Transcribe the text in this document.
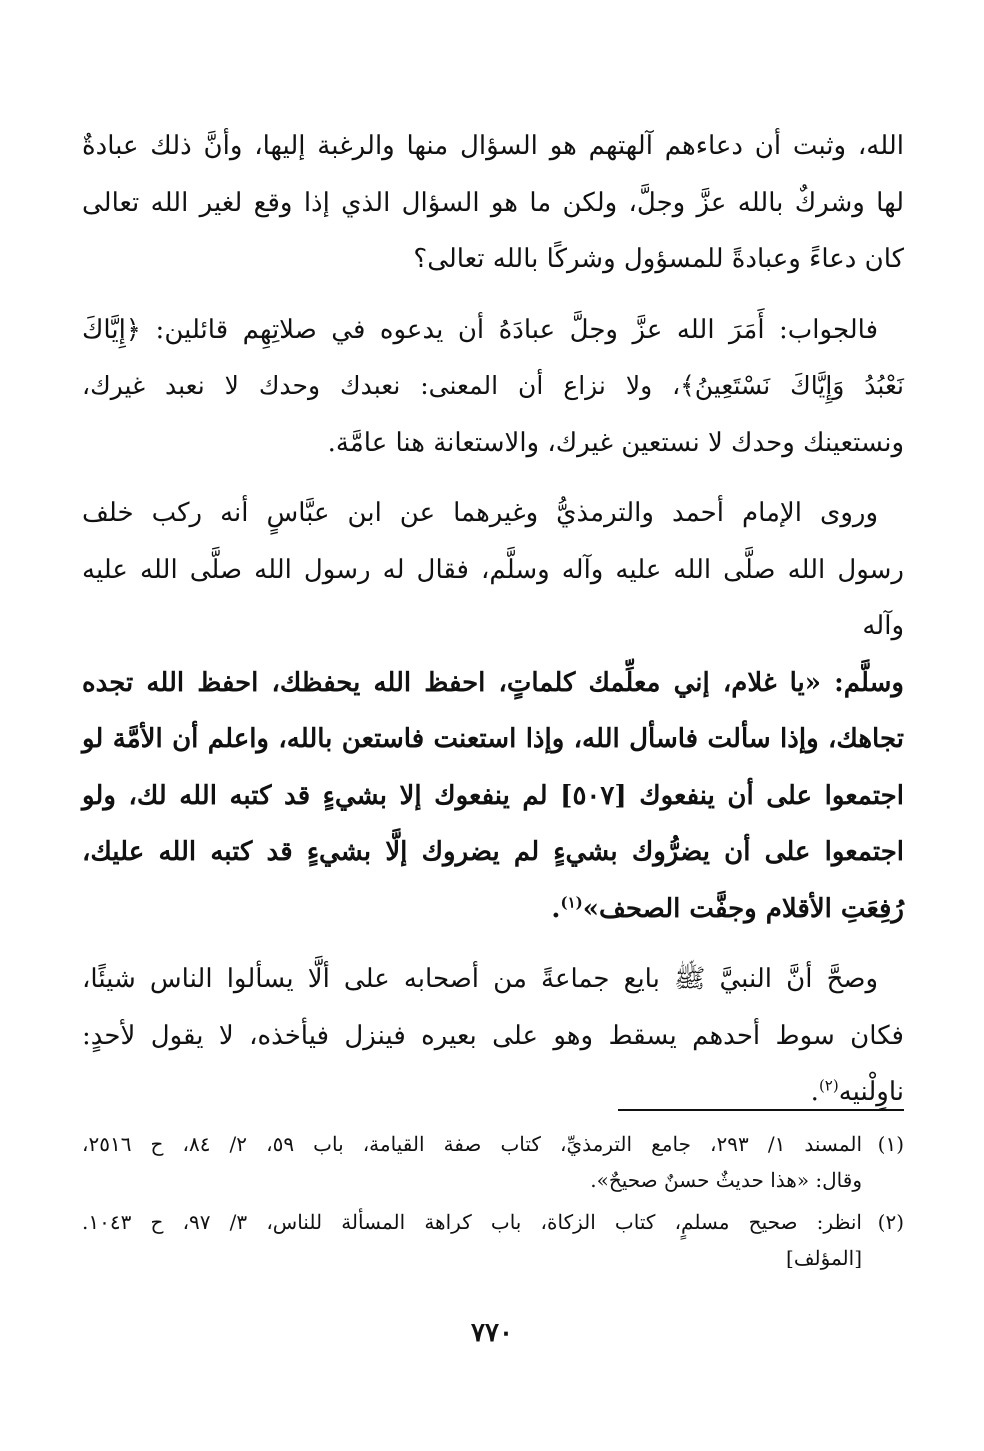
الله، وثبت أن دعاءهم آلهتهم هو السؤال منها والرغبة إليها، وأنَّ ذلك عبادةٌ
لها وشركٌ بالله عزَّ وجلَّ، ولكن ما هو السؤال الذي إذا وقع لغير الله تعالى
كان دعاءً وعبادةً للمسؤول وشركًا بالله تعالى؟

فالجواب: أَمَرَ الله عزَّ وجلَّ عبادَهُ أن يدعوه في صلاتِهِم قائلين: ﴿إِيَّاكَ
نَعْبُدُ وَإِيَّاكَ نَسْتَعِينُ﴾، ولا نزاع أن المعنى: نعبدك وحدك لا نعبد غيرك،
ونستعينك وحدك لا نستعين غيرك، والاستعانة هنا عامَّة.

وروى الإمام أحمد والترمذيُّ وغيرهما عن ابن عبَّاسٍ أنه ركب خلف
رسول الله صلَّى الله عليه وآله وسلَّم، فقال له رسول الله صلَّى الله عليه وآله
وسلَّم: «يا غلام، إني معلِّمك كلماتٍ، احفظ الله يحفظك، احفظ الله تجده
تجاهك، وإذا سألت فاسأل الله، وإذا استعنت فاستعن بالله، واعلم أن الأمَّة لو
اجتمعوا على أن ينفعوك [٥٠٧] لم ينفعوك إلا بشيءٍ قد كتبه الله لك، ولو
اجتمعوا على أن يضرُّوك بشيءٍ لم يضروك إلَّا بشيءٍ قد كتبه الله عليك،
رُفِعَتِ الأقلام وجفَّت الصحف»$^{(١)}$.

وصحَّ أنَّ النبيَّ ﷺ بايع جماعةً من أصحابه على ألَّا يسألوا الناس شيئًا،
فكان سوط أحدهم يسقط وهو على بعيره فينزل فيأخذه، لا يقول لأحدٍ:
ناوِلْنيه$^{(٢)}$.

(١)المسند ١/ ٢٩٣، جامع الترمذيِّ، كتاب صفة القيامة، باب ٥٩، ٢/ ٨٤، ح ٢٥١٦،
وقال: «هذا حديثٌ حسنٌ صحيحٌ».
(٢)انظر: صحيح مسلمٍ، كتاب الزكاة، باب كراهة المسألة للناس، ٣/ ٩٧، ح ١٠٤٣.
[المؤلف]
٧٧٠
